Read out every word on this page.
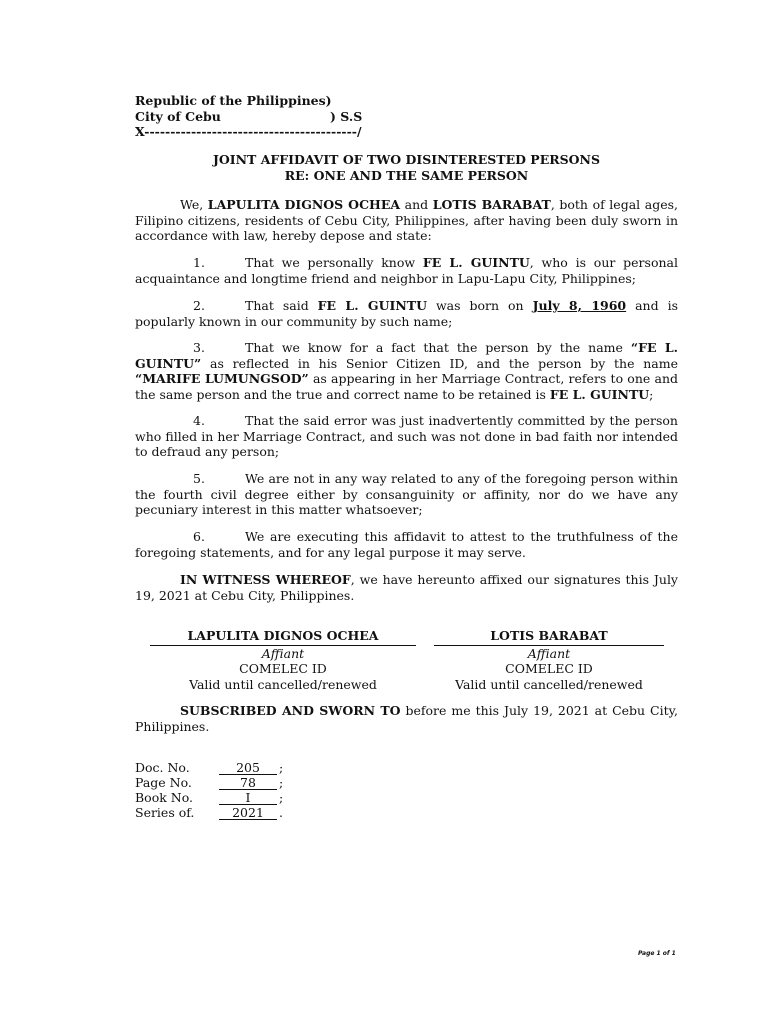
Republic of the Philippines)
City of Cebu	) S.S
X-----------------------------------------/
JOINT AFFIDAVIT OF TWO DISINTERESTED PERSONS
RE: ONE AND THE SAME PERSON

We, LAPULITA DIGNOS OCHEA and LOTIS BARABAT, both of legal ages, Filipino citizens, residents of Cebu City, Philippines, after having been duly sworn in accordance with law, hereby depose and state:

1.	That we personally know FE L. GUINTU, who is our personal acquaintance and longtime friend and neighbor in Lapu-Lapu City, Philippines;

2.	That said FE L. GUINTU was born on July 8, 1960 and is popularly known in our community by such name;

3.	That we know for a fact that the person by the name “FE L. GUINTU” as reflected in his Senior Citizen ID, and the person by the name “MARIFE LUMUNGSOD” as appearing in her Marriage Contract, refers to one and the same person and the true and correct name to be retained is FE L. GUINTU;

4.	That the said error was just inadvertently committed by the person who filled in her Marriage Contract, and such was not done in bad faith nor intended to defraud any person;

5.	We are not in any way related to any of the foregoing person within the fourth civil degree either by consanguinity or affinity, nor do we have any pecuniary interest in this matter whatsoever;

6.	We are executing this affidavit to attest to the truthfulness of the foregoing statements, and for any legal purpose it may serve.

IN WITNESS WHEREOF, we have hereunto affixed our signatures this July 19, 2021 at Cebu City, Philippines.

LAPULITA DIGNOS OCHEA
Affiant
COMELEC ID
Valid until cancelled/renewed
LOTIS BARABAT
Affiant
COMELEC ID
Valid until cancelled/renewed

SUBSCRIBED AND SWORN TO before me this July 19, 2021 at Cebu City, Philippines.

Doc. No.	205	;
Page No.	78	;
Book No.	I	;
Series of.	2021	.
Page 1 of 1
